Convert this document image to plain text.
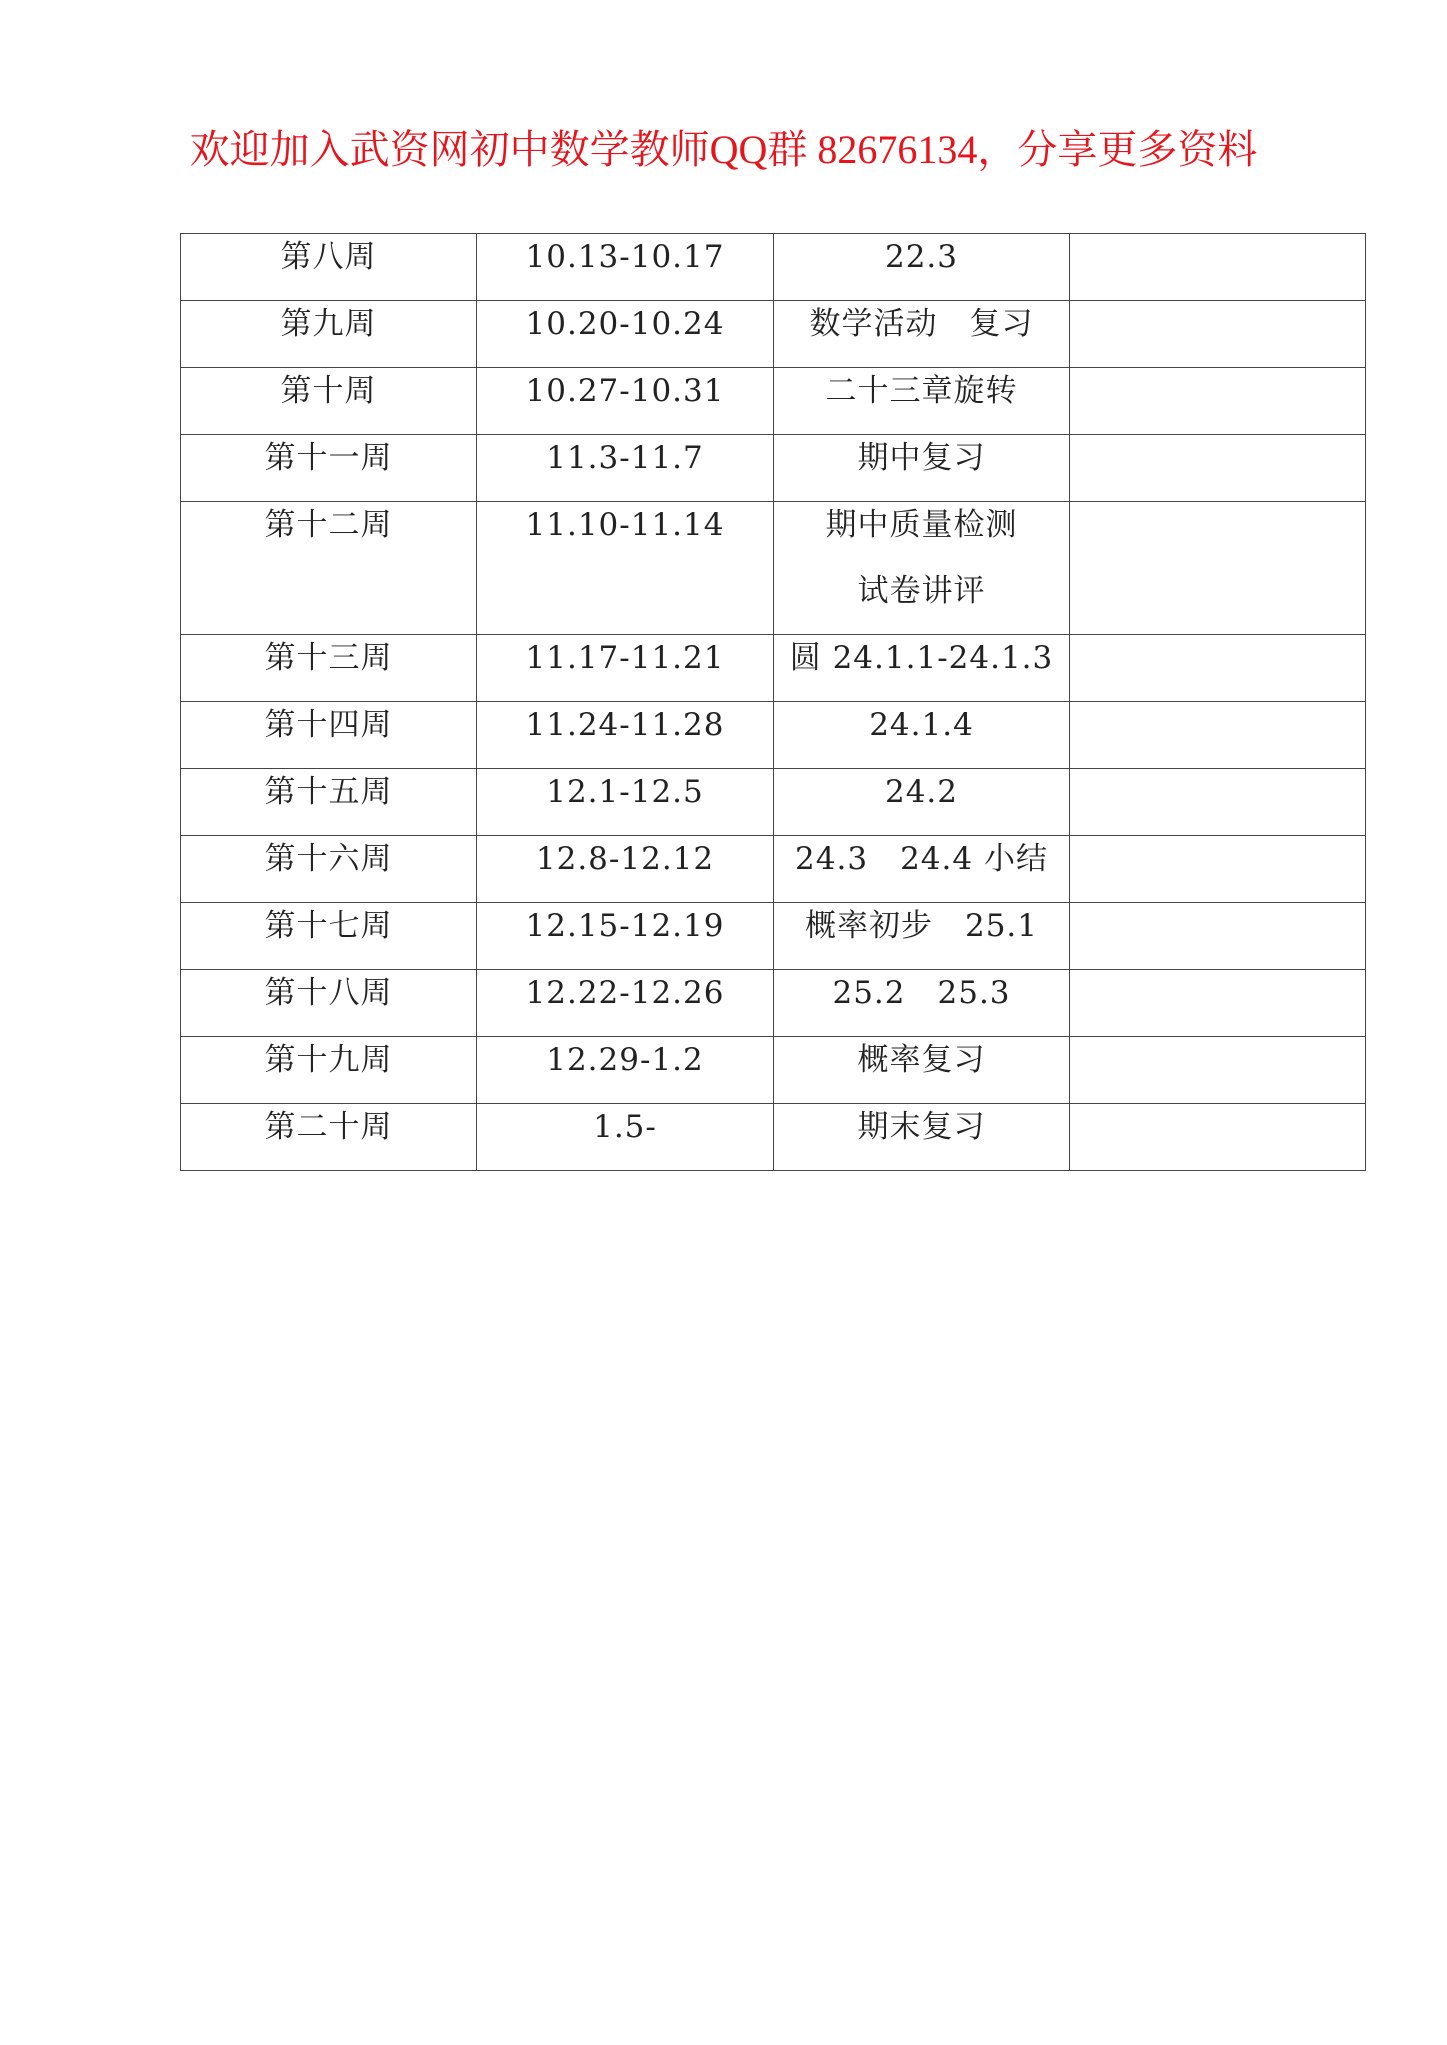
欢迎加入武资网初中数学教师QQ群 82676134，分享更多资料
第八周	10.13-10.17	22.3	

第九周	10.20-10.24	数学活动　复习	

第十周	10.27-10.31	二十三章旋转	

第十一周	11.3-11.7	期中复习	

第十二周	11.10-11.14	期中质量检测
试卷讲评	

第十三周	11.17-11.21	圆 24.1.1-24.1.3	

第十四周	11.24-11.28	24.1.4	

第十五周	12.1-12.5	24.2	

第十六周	12.8-12.12	24.3　24.4 小结	

第十七周	12.15-12.19	概率初步　25.1	

第十八周	12.22-12.26	25.2　25.3	

第十九周	12.29-1.2	概率复习	

第二十周	1.5-	期末复习	
